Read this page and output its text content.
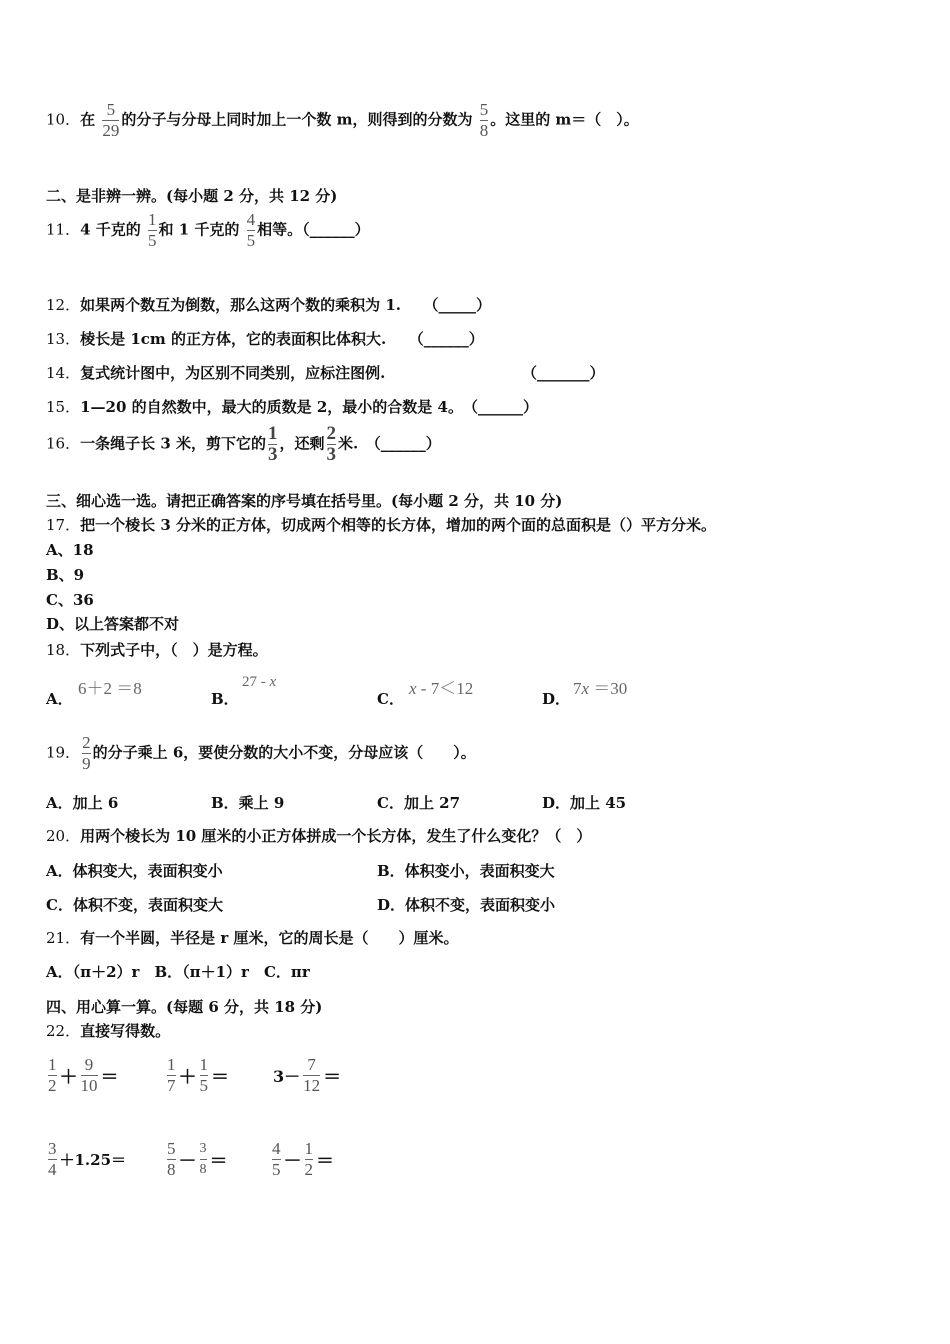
10．在 $\frac{5}{29}$ 的分子与分母上同时加上一个数 m，则得到的分数为 $\frac{5}{8}$ 。这里的 m＝（　）。
二、是非辨一辨。(每小题 2 分，共 12 分)
11．4 千克的 $\frac{1}{5}$ 和 1 千克的 $\frac{4}{5}$ 相等。（______）
12．如果两个数互为倒数，那么这两个数的乘积为 1.　　（_____）
13．棱长是 1cm 的正方体，它的表面积比体积大.　　（______）
14．复式统计图中，为区别不同类别，应标注图例.	（_______）
15．1—20 的自然数中，最大的质数是 2，最小的合数是 4。　（______）
16．一条绳子长 3 米，剪下它的 $\frac{1}{3}$ ，还剩 $\frac{2}{3}$ 米.　（______）
三、细心选一选。请把正确答案的序号填在括号里。(每小题 2 分，共 10 分)
17．把一个棱长 3 分米的正方体，切成两个相等的长方体，增加的两个面的总面积是（）平方分米。
A、18
B、9
C、36
D、以上答案都不对
18．下列式子中，（　）是方程。
A．
6＋2 ＝8
B．
27 - x
C．
x - 7＜12
D．
7x ＝30
19． $\frac{2}{9}$ 的分子乘上 6，要使分数的大小不变，分母应该（　　）。
A．加上 6	B．乘上 9	C．加上 27	D．加上 45
20．用两个棱长为 10 厘米的小正方体拼成一个长方体，发生了什么变化？（　）
A．体积变大，表面积变小	B．体积变小，表面积变大
C．体积不变，表面积变大	D．体积不变，表面积变小
21．有一个半圆，半径是 r 厘米，它的周长是（　　）厘米。
A．（π＋2）r　B．（π＋1）r　C．πr
四、用心算一算。(每题 6 分，共 18 分)
22．直接写得数。
$\frac{1}{2} + \frac{9}{10}$ ＝	$\frac{1}{7} + \frac{1}{5}$ ＝	$3- \frac{7}{12}$ ＝
$\frac{3}{4} +1.25= \frac{5}{8} - \frac{3}{8}$ ＝	$\frac{4}{5} - \frac{1}{2}$ ＝
